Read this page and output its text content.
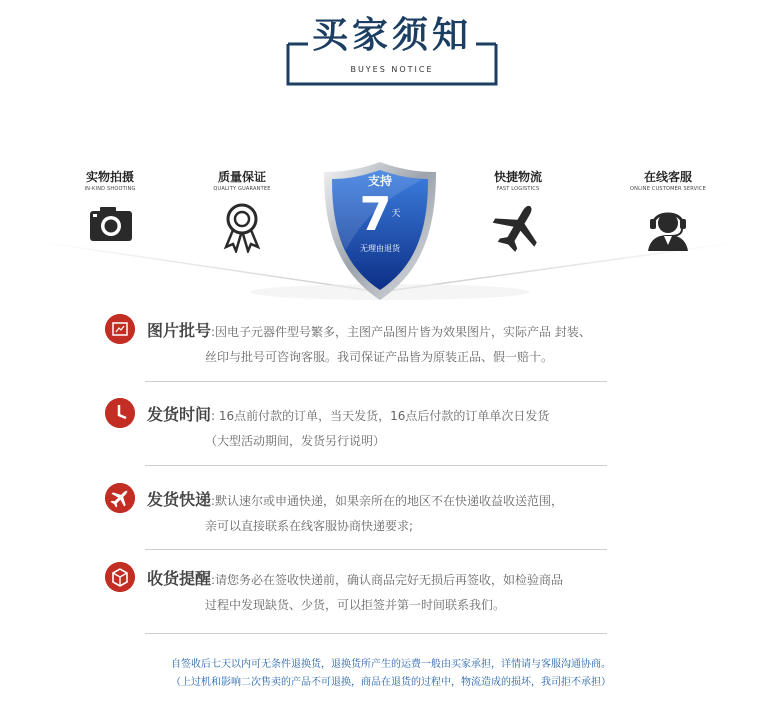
买家须知
BUYES NOTICE
实物拍摄
IN-KIND SHOOTING
质量保证
QUALITY GUARANTEE
支持
$7^天$
无理由退货
快捷物流
FAST LOGISTICS
在线客服
ONLINE CUSTOMER SERVICE
图片批号:因电子元器件型号繁多，主图产品图片皆为效果图片，实际产品 封装、
丝印与批号可咨询客服。我司保证产品皆为原装正品、假一赔十。
发货时间: 16点前付款的订单，当天发货，16点后付款的订单单次日发货
（大型活动期间，发货另行说明）
发货快递:默认速尔或申通快递，如果亲所在的地区不在快递收益收送范围，
亲可以直接联系在线客服协商快递要求;
收货提醒:请您务必在签收快递前，确认商品完好无损后再签收，如检验商品
过程中发现缺货、少货，可以拒签并第一时间联系我们。
自签收后七天以内可无条件退换货，退换货所产生的运费一般由买家承担，详情请与客服沟通协商。
（上过机和影响二次售卖的产品不可退换，商品在退货的过程中，物流造成的损坏，我司拒不承担）
